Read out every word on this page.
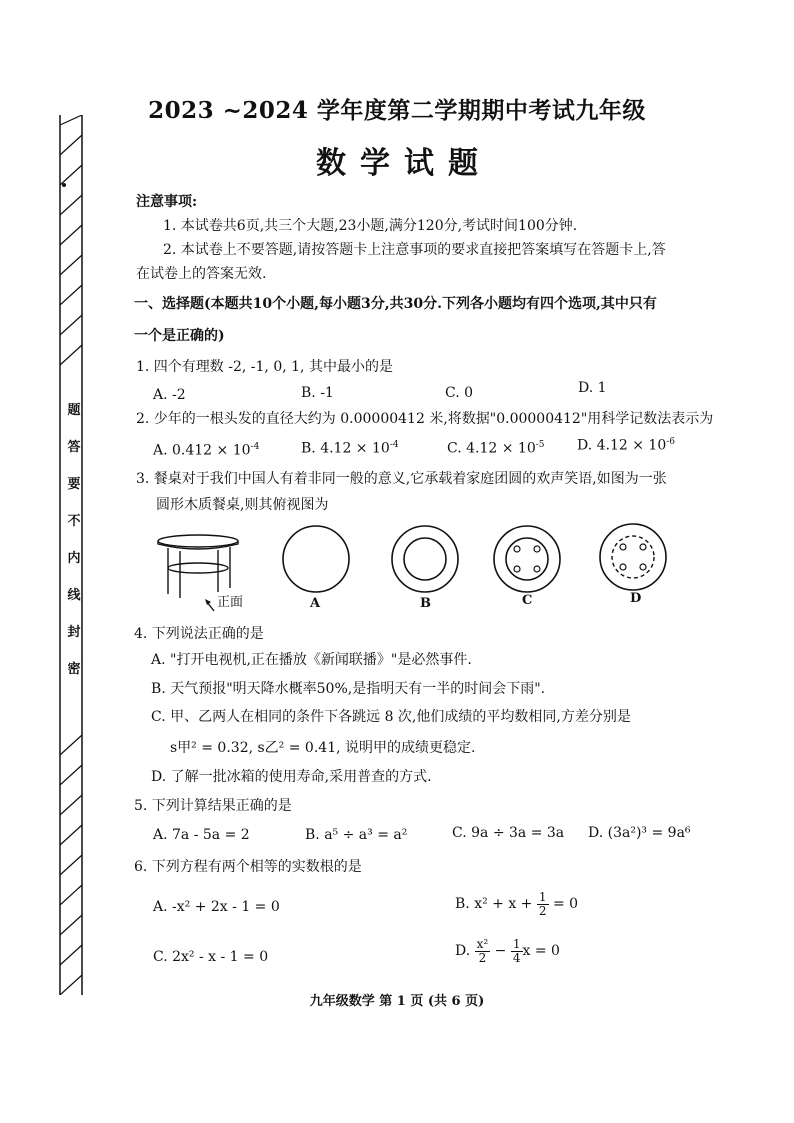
题
答
要
不
内
线
封
密
2023 ~2024 学年度第二学期期中考试九年级
数学试题
注意事项:
1. 本试卷共6页,共三个大题,23小题,满分120分,考试时间100分钟.
2. 本试卷上不要答题,请按答题卡上注意事项的要求直接把答案填写在答题卡上,答
在试卷上的答案无效.
一、选择题(本题共10个小题,每小题3分,共30分.下列各小题均有四个选项,其中只有
一个是正确的)
1. 四个有理数 -2, -1, 0, 1, 其中最小的是
A. -2	B. -1	C. 0	D. 1
2. 少年的一根头发的直径大约为 0.00000412 米,将数据"0.00000412"用科学记数法表示为
A. $0.412 \times 10^{-4}$	B. $4.12 \times 10^{-4}$	C. $4.12 \times 10^{-5}$ D. $4.12 \times 10^{-6}$
3. 餐桌对于我们中国人有着非同一般的意义,它承载着家庭团圆的欢声笑语,如图为一张
圆形木质餐桌,则其俯视图为
正面	A	B	C	D
4. 下列说法正确的是
A. "打开电视机,正在播放《新闻联播》"是必然事件.
B. 天气预报"明天降水概率50%,是指明天有一半的时间会下雨".
C. 甲、乙两人在相同的条件下各跳远 8 次,他们成绩的平均数相同,方差分别是
s甲² = 0.32, s乙² = 0.41, 说明甲的成绩更稳定.
D. 了解一批冰箱的使用寿命,采用普查的方式.
5. 下列计算结果正确的是
A. 7a - 5a = 2	B. a⁵ ÷ a³ = a²	C. 9a ÷ 3a = 3a D. (3a²)³ = 9a⁶
6. 下列方程有两个相等的实数根的是
A. -x² + 2x - 1 = 0	B. $x^2 + x + \frac{1}{2} = 0$
C. 2x² - x - 1 = 0	D. $\frac{\text{x²}}{2} - \frac{1}{4}$ x = 0
九年级数学 第 1 页 (共 6 页)
